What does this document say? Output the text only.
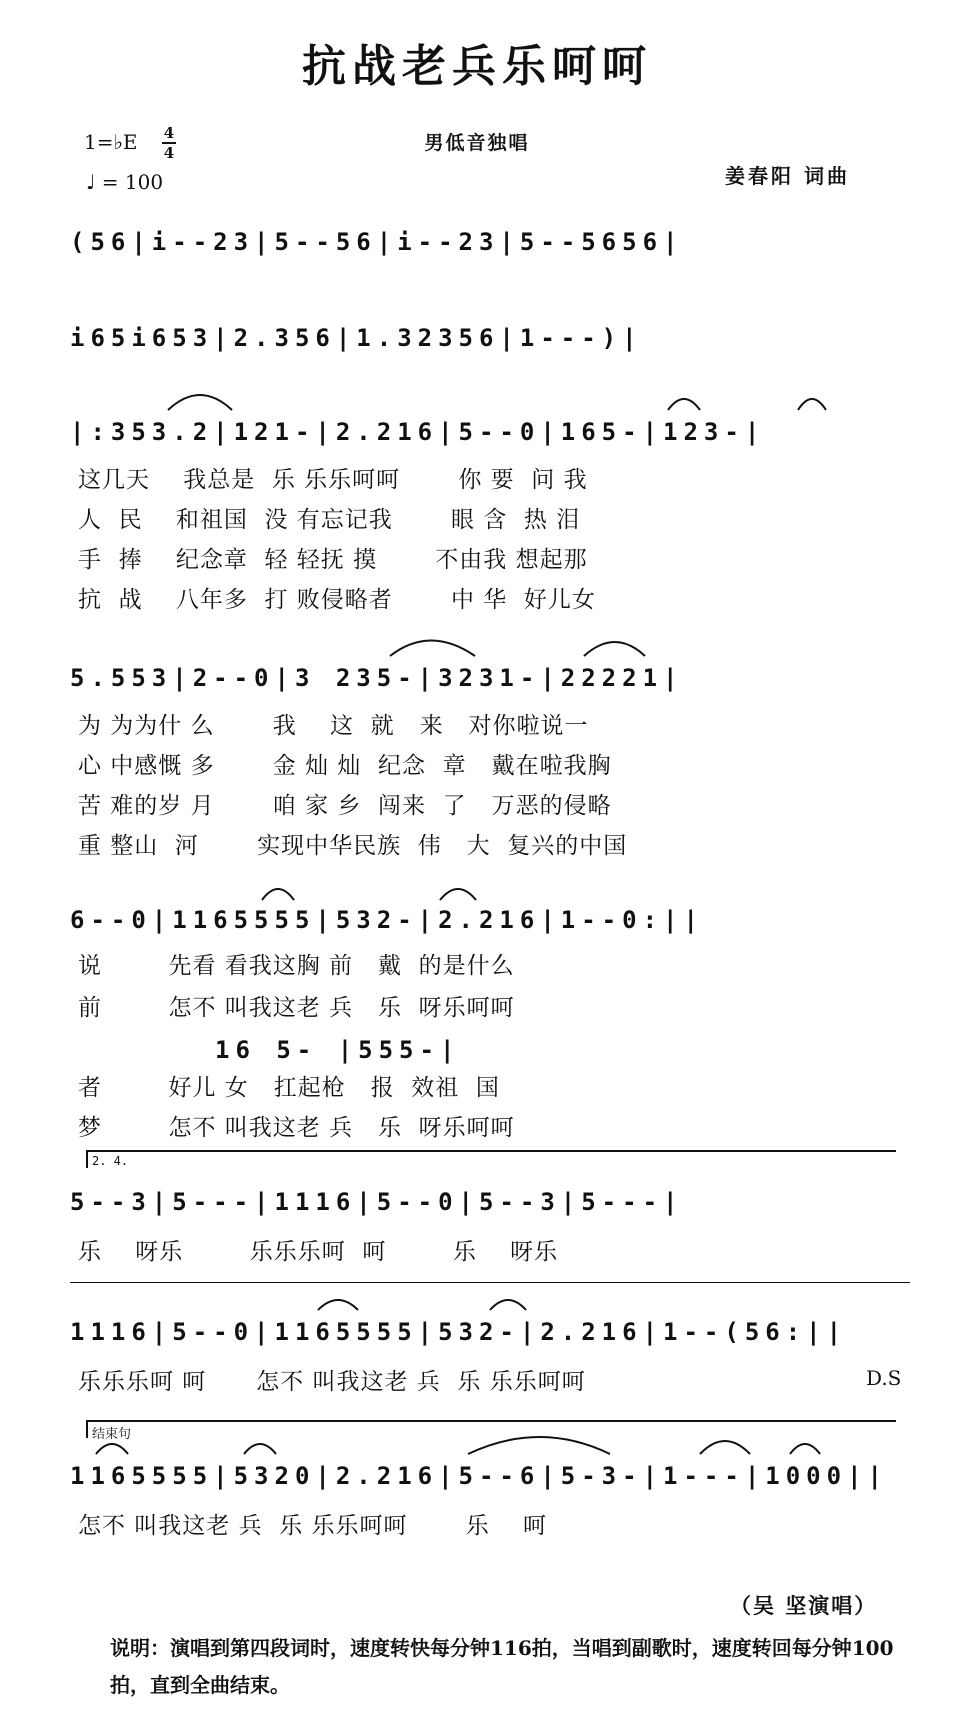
抗战老兵乐呵呵
男低音独唱
1=♭E 4
4
♩ = 100	姜春阳 词曲
(56|i--23|5--56|i--23|5--5656|
i65i653|2.356|1.32356|1---)|
|:353.2|121-|2.216|5--0|165-|123-|
这几天    我总是  乐 乐乐呵呵       你 要  问 我
人  民    和祖国  没 有忘记我       眼 含  热 泪
手  捧    纪念章  轻 轻抚 摸       不由我 想起那
抗  战    八年多  打 败侵略者       中 华  好儿女
5.553|2--0|3 235-|3231-|22221|
为 为为什 么       我    这  就   来   对你啦说一
心 中感慨 多       金 灿 灿  纪念  章   戴在啦我胸
苦 难的岁 月       咱 家 乡  闯来  了   万恶的侵略
重 整山  河       实现中华民族  伟   大  复兴的中国
6--0|1165555|532-|2.216|1--0:||
说        先看 看我这胸 前   戴  的是什么
前        怎不 叫我这老 兵   乐  呀乐呵呵
16 5- |555-|
者        好儿 女   扛起枪   报  效祖  国
梦        怎不 叫我这老 兵   乐  呀乐呵呵
2. 4.
5--3|5---|1116|5--0|5--3|5---|
乐    呀乐        乐乐乐呵  呵        乐    呀乐
1116|5--0|1165555|532-|2.216|1--(56:||
乐乐乐呵 呵      怎不 叫我这老 兵  乐 乐乐呵呵	D.S
结束句
1165555|5320|2.216|5--6|5-3-|1---|1000||
怎不 叫我这老 兵  乐 乐乐呵呵       乐    呵
（吴 坚演唱）
说明：演唱到第四段词时，速度转快每分钟116拍，当唱到副歌时，速度转回每分钟100拍，直到全曲结束。
